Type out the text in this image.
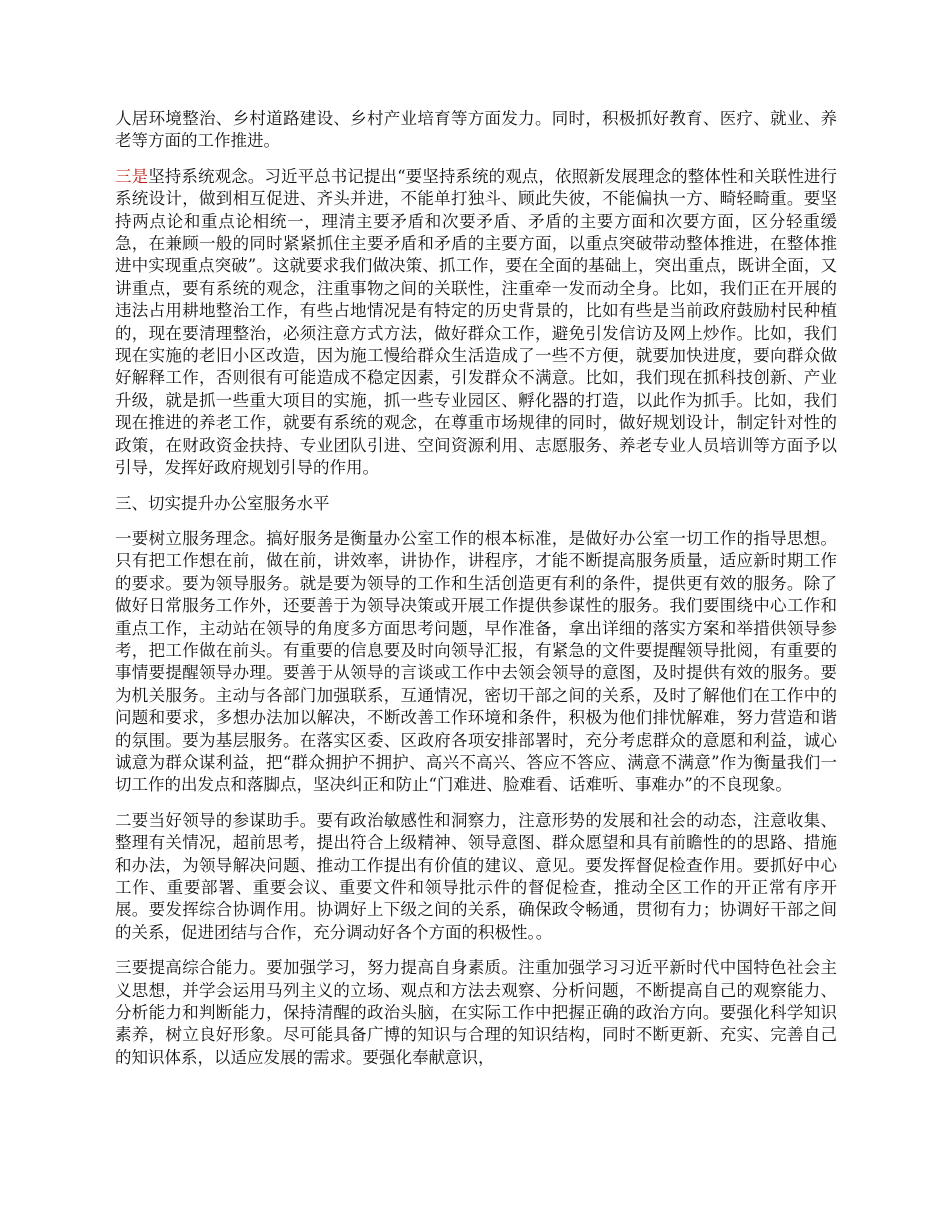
人居环境整治、乡村道路建设、乡村产业培育等方面发力。同时，积极抓好教育、医疗、就业、养老等方面的工作推进。

三是坚持系统观念。习近平总书记提出“要坚持系统的观点，依照新发展理念的整体性和关联性进行系统设计，做到相互促进、齐头并进，不能单打独斗、顾此失彼，不能偏执一方、畸轻畸重。要坚持两点论和重点论相统一，理清主要矛盾和次要矛盾、矛盾的主要方面和次要方面，区分轻重缓急，在兼顾一般的同时紧紧抓住主要矛盾和矛盾的主要方面，以重点突破带动整体推进，在整体推进中实现重点突破”。这就要求我们做决策、抓工作，要在全面的基础上，突出重点，既讲全面，又讲重点，要有系统的观念，注重事物之间的关联性，注重牵一发而动全身。比如，我们正在开展的违法占用耕地整治工作，有些占地情况是有特定的历史背景的，比如有些是当前政府鼓励村民种植的，现在要清理整治，必须注意方式方法，做好群众工作，避免引发信访及网上炒作。比如，我们现在实施的老旧小区改造，因为施工慢给群众生活造成了一些不方便，就要加快进度，要向群众做好解释工作，否则很有可能造成不稳定因素，引发群众不满意。比如，我们现在抓科技创新、产业升级，就是抓一些重大项目的实施，抓一些专业园区、孵化器的打造，以此作为抓手。比如，我们现在推进的养老工作，就要有系统的观念，在尊重市场规律的同时，做好规划设计，制定针对性的政策，在财政资金扶持、专业团队引进、空间资源利用、志愿服务、养老专业人员培训等方面予以引导，发挥好政府规划引导的作用。

三、切实提升办公室服务水平

一要树立服务理念。搞好服务是衡量办公室工作的根本标准，是做好办公室一切工作的指导思想。只有把工作想在前，做在前，讲效率，讲协作，讲程序，才能不断提高服务质量，适应新时期工作的要求。要为领导服务。就是要为领导的工作和生活创造更有利的条件，提供更有效的服务。除了做好日常服务工作外，还要善于为领导决策或开展工作提供参谋性的服务。我们要围绕中心工作和重点工作，主动站在领导的角度多方面思考问题，早作准备，拿出详细的落实方案和举措供领导参考，把工作做在前头。有重要的信息要及时向领导汇报，有紧急的文件要提醒领导批阅，有重要的事情要提醒领导办理。要善于从领导的言谈或工作中去领会领导的意图，及时提供有效的服务。要为机关服务。主动与各部门加强联系，互通情况，密切干部之间的关系，及时了解他们在工作中的问题和要求，多想办法加以解决，不断改善工作环境和条件，积极为他们排忧解难，努力营造和谐的氛围。要为基层服务。在落实区委、区政府各项安排部署时，充分考虑群众的意愿和利益，诚心诚意为群众谋利益，把“群众拥护不拥护、高兴不高兴、答应不答应、满意不满意”作为衡量我们一切工作的出发点和落脚点，坚决纠正和防止“门难进、脸难看、话难听、事难办”的不良现象。

二要当好领导的参谋助手。要有政治敏感性和洞察力，注意形势的发展和社会的动态，注意收集、整理有关情况，超前思考，提出符合上级精神、领导意图、群众愿望和具有前瞻性的的思路、措施和办法，为领导解决问题、推动工作提出有价值的建议、意见。要发挥督促检查作用。要抓好中心工作、重要部署、重要会议、重要文件和领导批示件的督促检查，推动全区工作的开正常有序开展。要发挥综合协调作用。协调好上下级之间的关系，确保政令畅通，贯彻有力；协调好干部之间的关系，促进团结与合作，充分调动好各个方面的积极性。。

三要提高综合能力。要加强学习，努力提高自身素质。注重加强学习习近平新时代中国特色社会主义思想，并学会运用马列主义的立场、观点和方法去观察、分析问题，不断提高自己的观察能力、分析能力和判断能力，保持清醒的政治头脑，在实际工作中把握正确的政治方向。要强化科学知识素养，树立良好形象。尽可能具备广博的知识与合理的知识结构，同时不断更新、充实、完善自己的知识体系，以适应发展的需求。要强化奉献意识，
